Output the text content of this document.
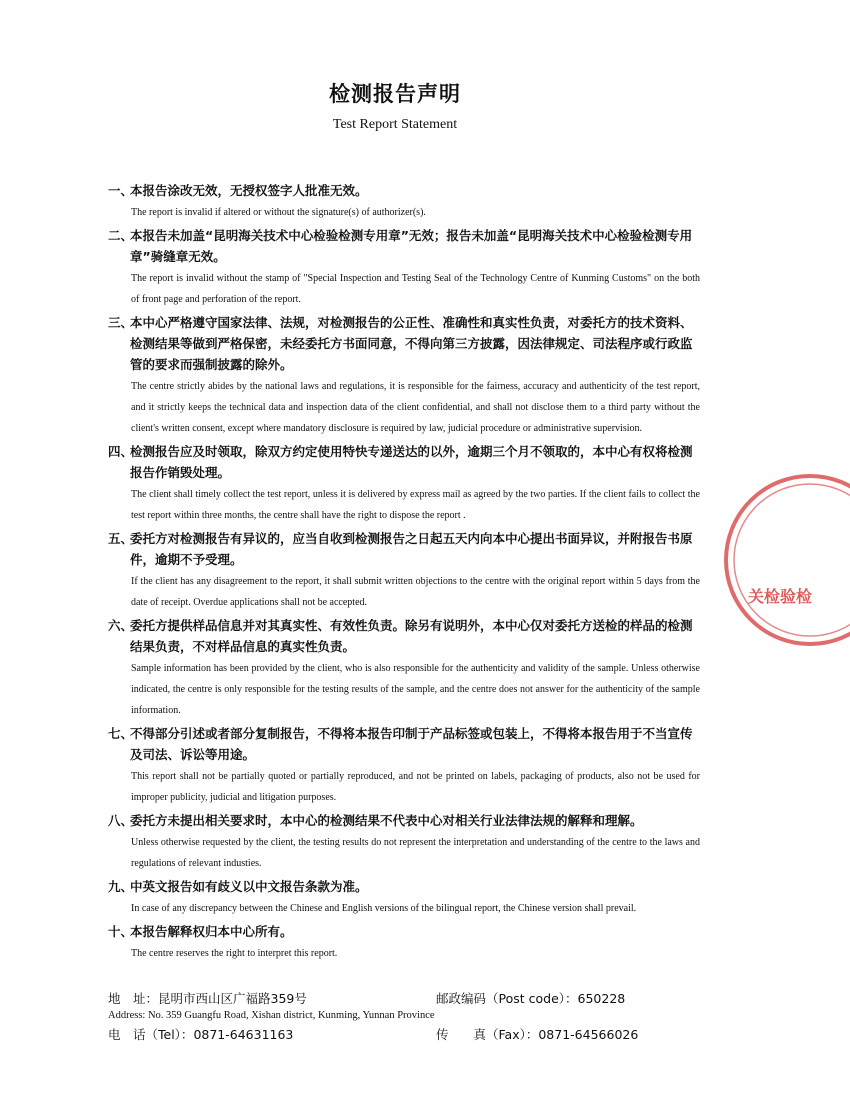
检测报告声明
Test Report Statement
一、
本报告涂改无效，无授权签字人批准无效。
The report is invalid if altered or without the signature(s) of authorizer(s).
二、
本报告未加盖“昆明海关技术中心检验检测专用章”无效；报告未加盖“昆明海关技术中心检验检测专用章”骑缝章无效。
The report is invalid without the stamp of "Special Inspection and Testing Seal of the Technology Centre of Kunming Customs" on the both of front page and perforation of the report.
三、
本中心严格遵守国家法律、法规，对检测报告的公正性、准确性和真实性负责，对委托方的技术资料、检测结果等做到严格保密，未经委托方书面同意，不得向第三方披露，因法律规定、司法程序或行政监管的要求而强制披露的除外。
The centre strictly abides by the national laws and regulations, it is responsible for the fairness, accuracy and authenticity of the test report, and it strictly keeps the technical data and inspection data of the client confidential, and shall not disclose them to a third party without the client's written consent, except where mandatory disclosure is required by law, judicial procedure or administrative supervision.
四、
检测报告应及时领取，除双方约定使用特快专递送达的以外，逾期三个月不领取的，本中心有权将检测报告作销毁处理。
The client shall timely collect the test report, unless it is delivered by express mail as agreed by the two parties. If the client fails to collect the test report within three months, the centre shall have the right to dispose the report .
五、
委托方对检测报告有异议的，应当自收到检测报告之日起五天内向本中心提出书面异议，并附报告书原件，逾期不予受理。
If the client has any disagreement to the report, it shall submit written objections to the centre with the original report within 5 days from the date of receipt. Overdue applications shall not be accepted.
六、
委托方提供样品信息并对其真实性、有效性负责。除另有说明外，本中心仅对委托方送检的样品的检测结果负责，不对样品信息的真实性负责。
Sample information has been provided by the client, who is also responsible for the authenticity and validity of the sample. Unless otherwise indicated, the centre is only responsible for the testing results of the sample, and the centre does not answer for the authenticity of the sample information.
七、
不得部分引述或者部分复制报告，不得将本报告印制于产品标签或包装上，不得将本报告用于不当宣传及司法、诉讼等用途。
This report shall not be partially quoted or partially reproduced, and not be printed on labels, packaging of products, also not be used for improper publicity, judicial and litigation purposes.
八、
委托方未提出相关要求时，本中心的检测结果不代表中心对相关行业法律法规的解释和理解。
Unless otherwise requested by the client, the testing results do not represent the interpretation and understanding of the centre to the laws and regulations of relevant industies.
九、
中英文报告如有歧义以中文报告条款为准。
In case of any discrepancy between the Chinese and English versions of the bilingual report, the Chinese version shall prevail.
十、
本报告解释权归本中心所有。
The centre reserves the right to interpret this report.
地　址：昆明市西山区广福路359号	邮政编码（Post code）：650228
Address: No. 359 Guangfu Road, Xishan district, Kunming, Yunnan Province
电　话（Tel）：0871-64631163	传　　真（Fax）：0871-64566026
关检验检
